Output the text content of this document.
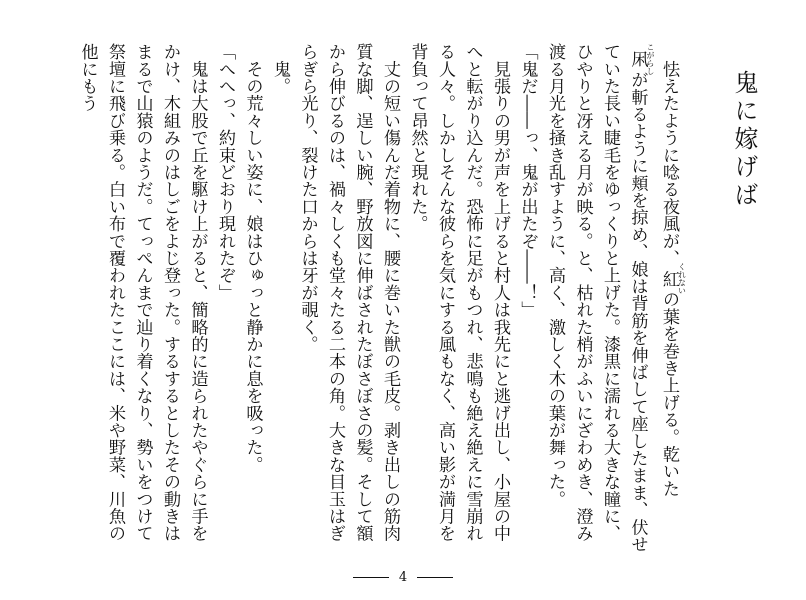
鬼に嫁げば

　怯えたように唸る夜風が、紅くれないの葉を巻き上げる。乾いた

凩こがらしが斬るように頬を掠め、娘は背筋を伸ばして座したまま、伏せていた長い睫毛をゆっくりと上げた。漆黒に濡れる大きな瞳に、ひやりと冴える月が映る。と、枯れた梢がふいにざわめき、澄み渡る月光を掻き乱すように、高く、激しく木の葉が舞った。

「鬼だ――っ、鬼が出たぞ――！」

　見張りの男が声を上げると村人は我先にと逃げ出し、小屋の中へと転がり込んだ。恐怖に足がもつれ、悲鳴も絶え絶えに雪崩れる人々。しかしそんな彼らを気にする風もなく、高い影が満月を背負って昂然と現れた。

　丈の短い傷んだ着物に、腰に巻いた獣の毛皮。剥き出しの筋肉質な脚、逞しい腕、野放図に伸ばされたぼさぼさの髪。そして額から伸びるのは、禍々しくも堂々たる二本の角。大きな目玉はぎらぎら光り、裂けた口からは牙が覗く。

　鬼。

　その荒々しい姿に、娘はひゅっと静かに息を吸った。

「へへっ、約束どおり現れたぞ」

　鬼は大股で丘を駆け上がると、簡略的に造られたやぐらに手をかけ、木組みのはしごをよじ登った。するするとしたその動きはまるで山猿のようだ。てっぺんまで辿り着くなり、勢いをつけて祭壇に飛び乗る。白い布で覆われたここには、米や野菜、川魚の他にもう

4
